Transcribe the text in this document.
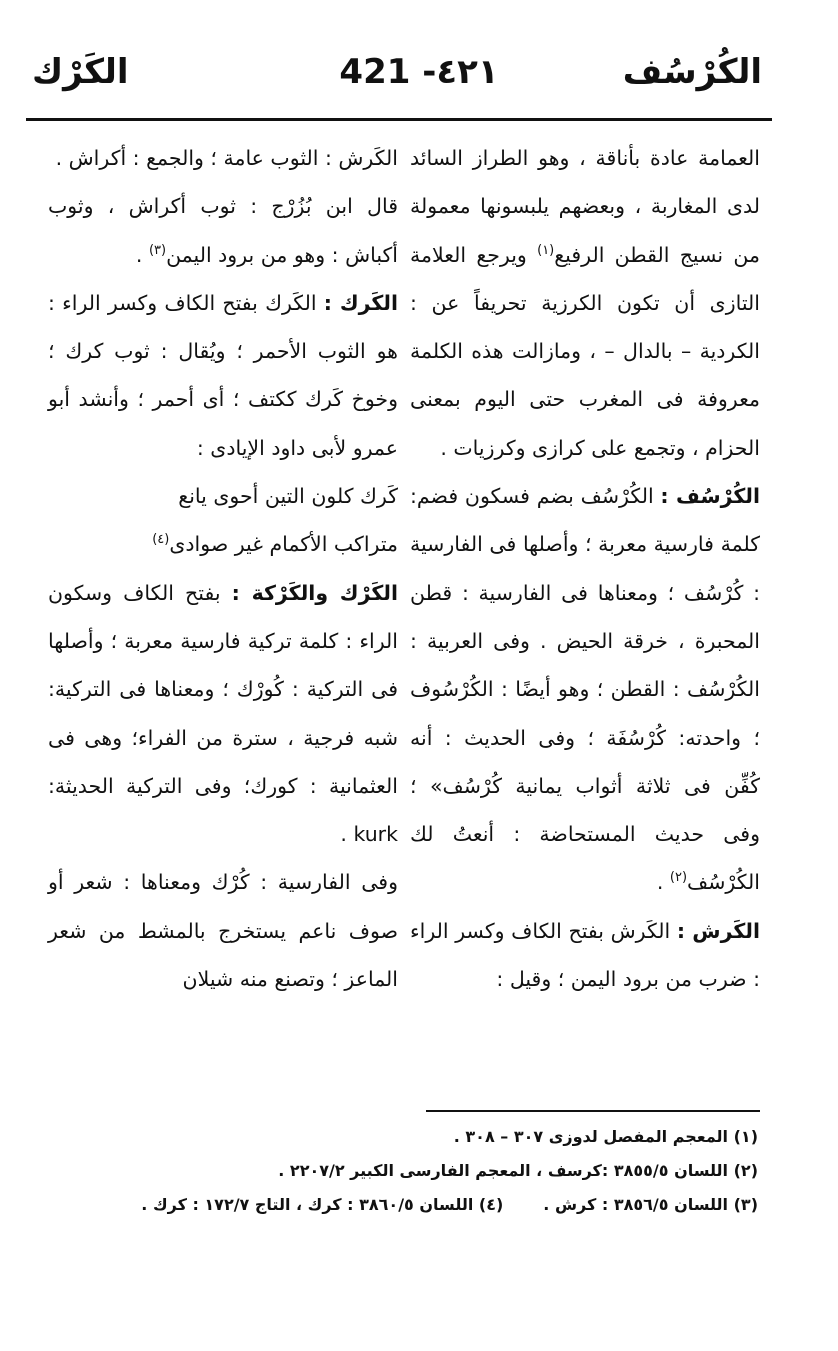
الكُرْسُف
421 -٤٢١
الكَرْك

العمامة عادة بأناقة ، وهو الطراز السائد لدى المغاربة ، وبعضهم يلبسونها معمولة من نسيج القطن الرفيع$^{(١)}$ ويرجع العلامة التازى أن تكون الكرزية تحريفاً عن : الكردية – بالدال – ، ومازالت هذه الكلمة معروفة فى المغرب حتى اليوم بمعنى الحزام ، وتجمع على كرازى وكرزيات .

الكُرْسُف : الكُرْسُف بضم فسكون فضم: كلمة فارسية معربة ؛ وأصلها فى الفارسية : كُرْسُف ؛ ومعناها فى الفارسية : قطن المحبرة ، خرقة الحيض . وفى العربية : الكُرْسُف : القطن ؛ وهو أيضًا : الكُرْسُوف ؛ واحدته: كُرْسُفَة ؛ وفى الحديث : أنه كُفِّن فى ثلاثة أثواب يمانية كُرْسُف» ؛ وفى حديث المستحاضة : أنعتُ لك الكُرْسُف$^{(٢)}$ .

الكَرش : الكَرش بفتح الكاف وكسر الراء : ضرب من برود اليمن ؛ وقيل :

الكَرش : الثوب عامة ؛ والجمع : أكراش .

قال ابن بُزُرْج : ثوب أكراش ، وثوب أكباش : وهو من برود اليمن$^{(٣)}$ .

الكَرك : الكَرك بفتح الكاف وكسر الراء : هو الثوب الأحمر ؛ ويُقال : ثوب كرك ؛ وخوخ كَرك ككتف ؛ أى أحمر ؛ وأنشد أبو عمرو لأبى داود الإيادى :

كَرك كلون التين أحوى يانع

متراكب الأكمام غير صوادى$^{(٤)}$

الكَرْك والكَرْكة : بفتح الكاف وسكون الراء : كلمة تركية فارسية معربة ؛ وأصلها فى التركية : كُورْك ؛ ومعناها فى التركية: شبه فرجية ، سترة من الفراء؛ وهى فى العثمانية : كورك؛ وفى التركية الحديثة: kurk .

وفى الفارسية : كُرْك ومعناها : شعر أو صوف ناعم يستخرج بالمشط من شعر الماعز ؛ وتصنع منه شيلان

(١) المعجم المفصل لدوزى ٣٠٧ – ٣٠٨ .
(٢) اللسان ٣٨٥٥/٥ :كرسف ، المعجم الفارسى الكبير ٢٢٠٧/٢ .
(٣) اللسان ٣٨٥٦/٥ : كرش .(٤) اللسان ٣٨٦٠/٥ : كرك ، التاج ١٧٢/٧ : كرك .
